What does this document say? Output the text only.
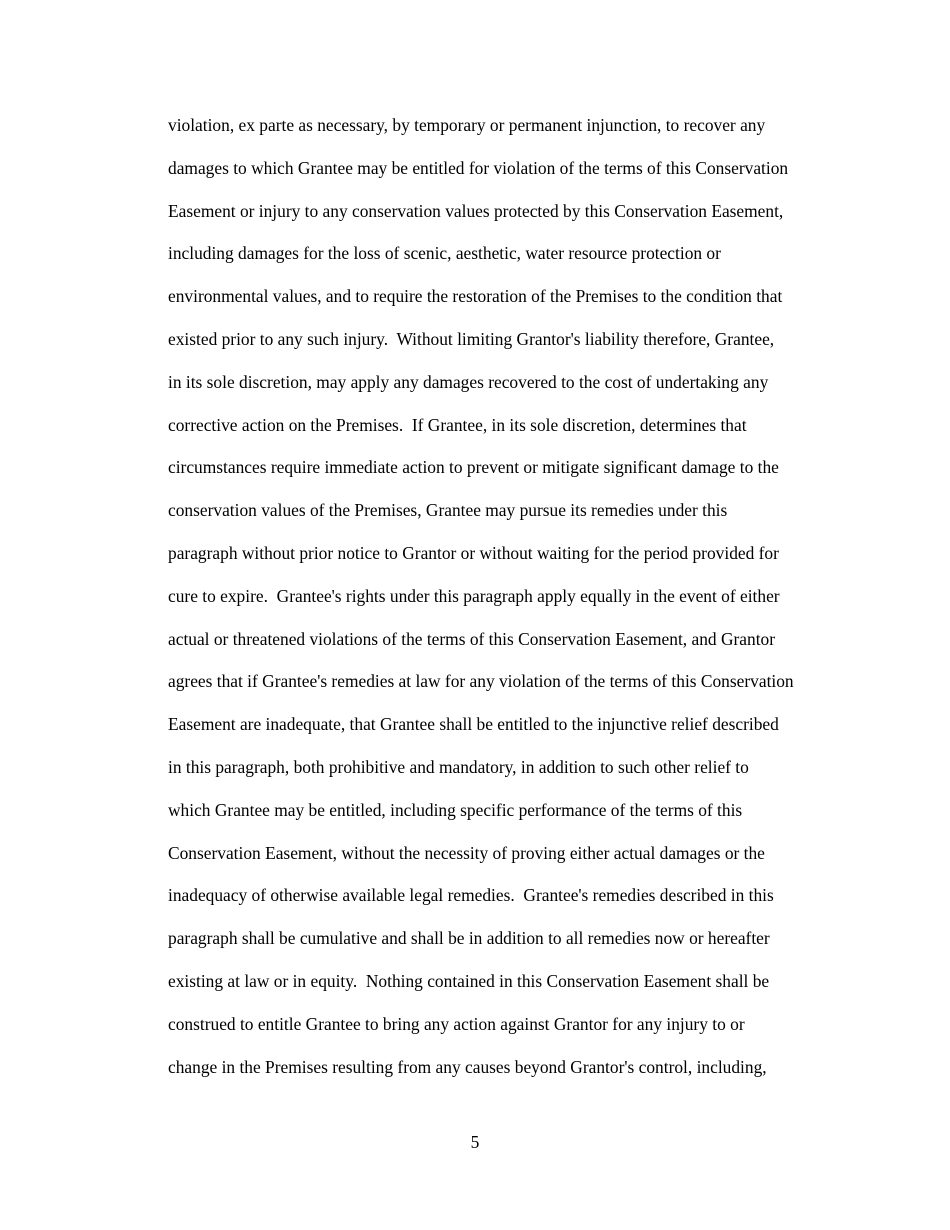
violation, ex parte as necessary, by temporary or permanent injunction, to recover any
damages to which Grantee may be entitled for violation of the terms of this Conservation
Easement or injury to any conservation values protected by this Conservation Easement,
including damages for the loss of scenic, aesthetic, water resource protection or
environmental values, and to require the restoration of the Premises to the condition that
existed prior to any such injury.  Without limiting Grantor's liability therefore, Grantee,
in its sole discretion, may apply any damages recovered to the cost of undertaking any
corrective action on the Premises.  If Grantee, in its sole discretion, determines that
circumstances require immediate action to prevent or mitigate significant damage to the
conservation values of the Premises, Grantee may pursue its remedies under this
paragraph without prior notice to Grantor or without waiting for the period provided for
cure to expire.  Grantee's rights under this paragraph apply equally in the event of either
actual or threatened violations of the terms of this Conservation Easement, and Grantor
agrees that if Grantee's remedies at law for any violation of the terms of this Conservation
Easement are inadequate, that Grantee shall be entitled to the injunctive relief described
in this paragraph, both prohibitive and mandatory, in addition to such other relief to
which Grantee may be entitled, including specific performance of the terms of this
Conservation Easement, without the necessity of proving either actual damages or the
inadequacy of otherwise available legal remedies.  Grantee's remedies described in this
paragraph shall be cumulative and shall be in addition to all remedies now or hereafter
existing at law or in equity.  Nothing contained in this Conservation Easement shall be
construed to entitle Grantee to bring any action against Grantor for any injury to or
change in the Premises resulting from any causes beyond Grantor's control, including,

5
